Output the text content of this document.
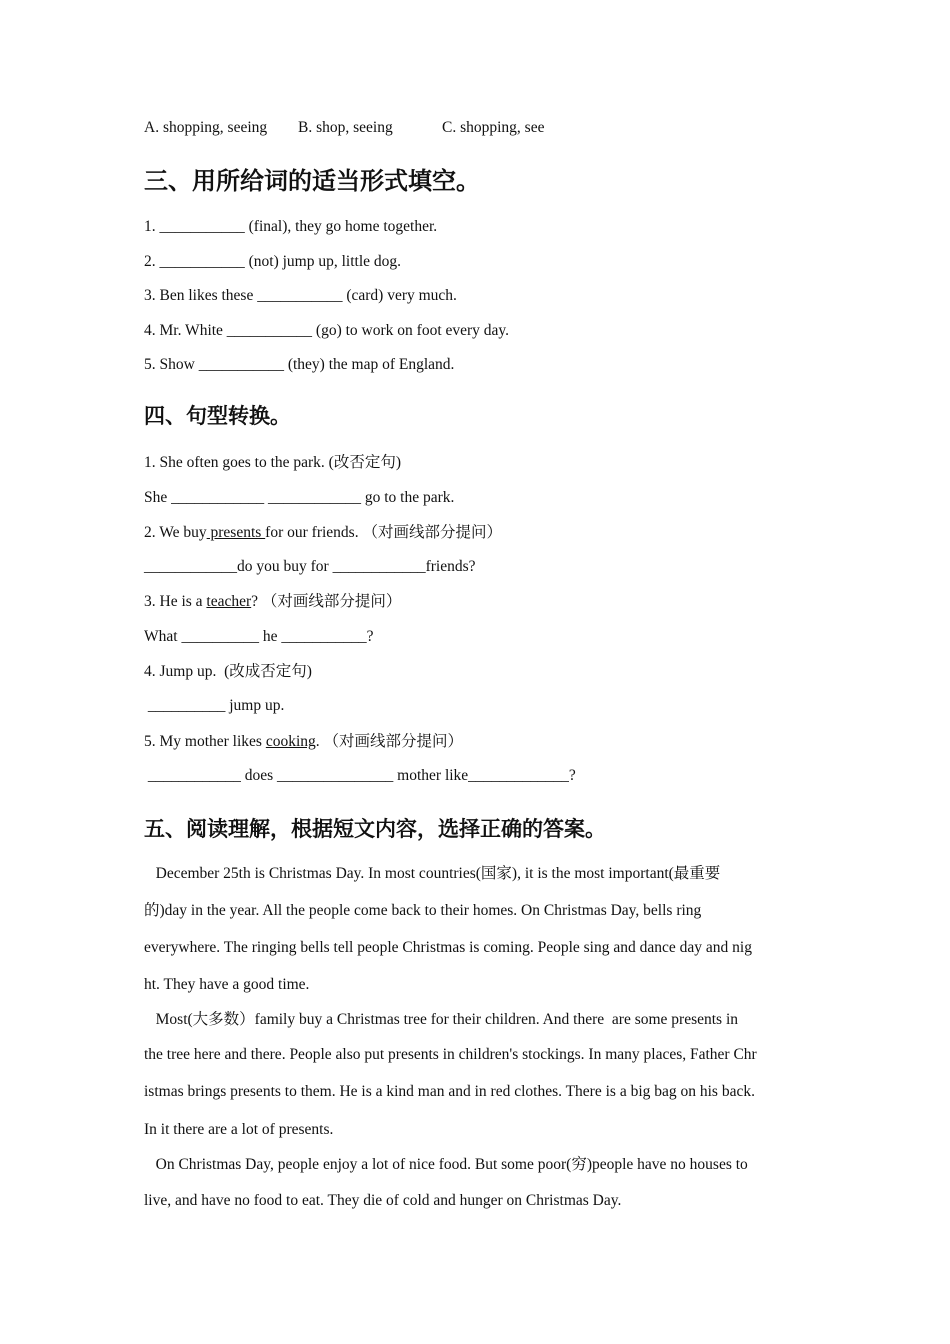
A. shopping, seeing B. shop, seeing	C. shopping, see
三、用所给词的适当形式填空。
1. ___________ (final), they go home together.
2. ___________ (not) jump up, little dog.
3. Ben likes these ___________ (card) very much.
4. Mr. White ___________ (go) to work on foot every day.
5. Show ___________ (they) the map of England.
四、句型转换。
1. She often goes to the park. (改否定句)
She ____________ ____________ go to the park.
2. We buy presents for our friends. （对画线部分提问）
____________do you buy for ____________friends?
3. He is a teacher? （对画线部分提问）
What __________ he ___________?
4. Jump up.  (改成否定句)
__________ jump up.
5. My mother likes cooking. （对画线部分提问）
____________ does _______________ mother like_____________?
五、阅读理解，根据短文内容，选择正确的答案。
December 25th is Christmas Day. In most countries(国家), it is the most important(最重要
的)day in the year. All the people come back to their homes. On Christmas Day, bells ring
everywhere. The ringing bells tell people Christmas is coming. People sing and dance day and nig
ht. They have a good time.
Most(大多数）family buy a Christmas tree for their children. And there  are some presents in
the tree here and there. People also put presents in children's stockings. In many places, Father Chr
istmas brings presents to them. He is a kind man and in red clothes. There is a big bag on his back.
In it there are a lot of presents.
On Christmas Day, people enjoy a lot of nice food. But some poor(穷)people have no houses to
live, and have no food to eat. They die of cold and hunger on Christmas Day.
